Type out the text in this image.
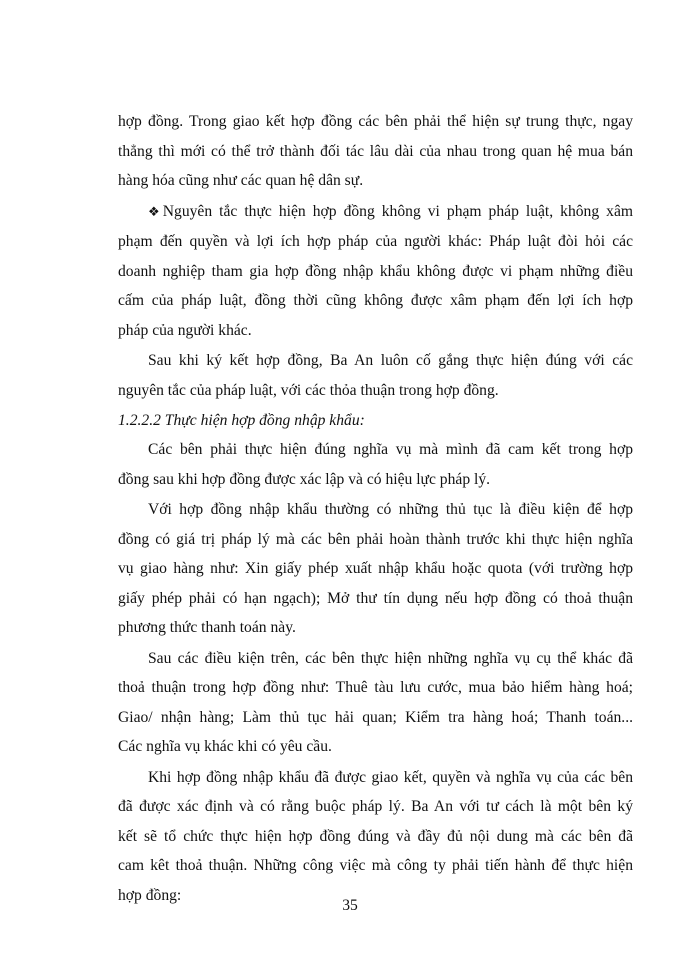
hợp đồng. Trong giao kết hợp đồng các bên phải thể hiện sự trung thực, ngay
thẳng thì mới có thể trở thành đối tác lâu dài của nhau trong quan hệ mua bán
hàng hóa cũng như các quan hệ dân sự.
❖Nguyên tắc thực hiện hợp đồng không vi phạm pháp luật, không xâm
phạm đến quyền và lợi ích hợp pháp của người khác: Pháp luật đòi hỏi các
doanh nghiệp tham gia hợp đồng nhập khẩu không được vi phạm những điều
cấm của pháp luật, đồng thời cũng không được xâm phạm đến lợi ích hợp
pháp của người khác.
Sau khi ký kết hợp đồng, Ba An luôn cố gắng thực hiện đúng với các
nguyên tắc của pháp luật, với các thỏa thuận trong hợp đồng.
1.2.2.2 Thực hiện hợp đồng nhập khẩu:
Các bên phải thực hiện đúng nghĩa vụ mà mình đã cam kết trong hợp
đồng sau khi hợp đồng được xác lập và có hiệu lực pháp lý.
Với hợp đồng nhập khẩu thường có những thủ tục là điều kiện để hợp
đồng có giá trị pháp lý mà các bên phải hoàn thành trước khi thực hiện nghĩa
vụ giao hàng như: Xin giấy phép xuất nhập khẩu hoặc quota (với trường hợp
giấy phép phải có hạn ngạch); Mở thư tín dụng nếu hợp đồng có thoả thuận
phương thức thanh toán này.
Sau các điều kiện trên, các bên thực hiện những nghĩa vụ cụ thể khác đã
thoả thuận trong hợp đồng như: Thuê tàu lưu cước, mua bảo hiểm hàng hoá;
Giao/ nhận hàng; Làm thủ tục hải quan; Kiểm tra hàng hoá; Thanh toán...
Các nghĩa vụ khác khi có yêu cầu.
Khi hợp đồng nhập khẩu đã được giao kết, quyền và nghĩa vụ của các bên
đã được xác định và có rằng buộc pháp lý. Ba An với tư cách là một bên ký
kết sẽ tổ chức thực hiện hợp đồng đúng và đầy đủ nội dung mà các bên đã
cam kêt thoả thuận. Những công việc mà công ty phải tiến hành để thực hiện
hợp đồng:
35
